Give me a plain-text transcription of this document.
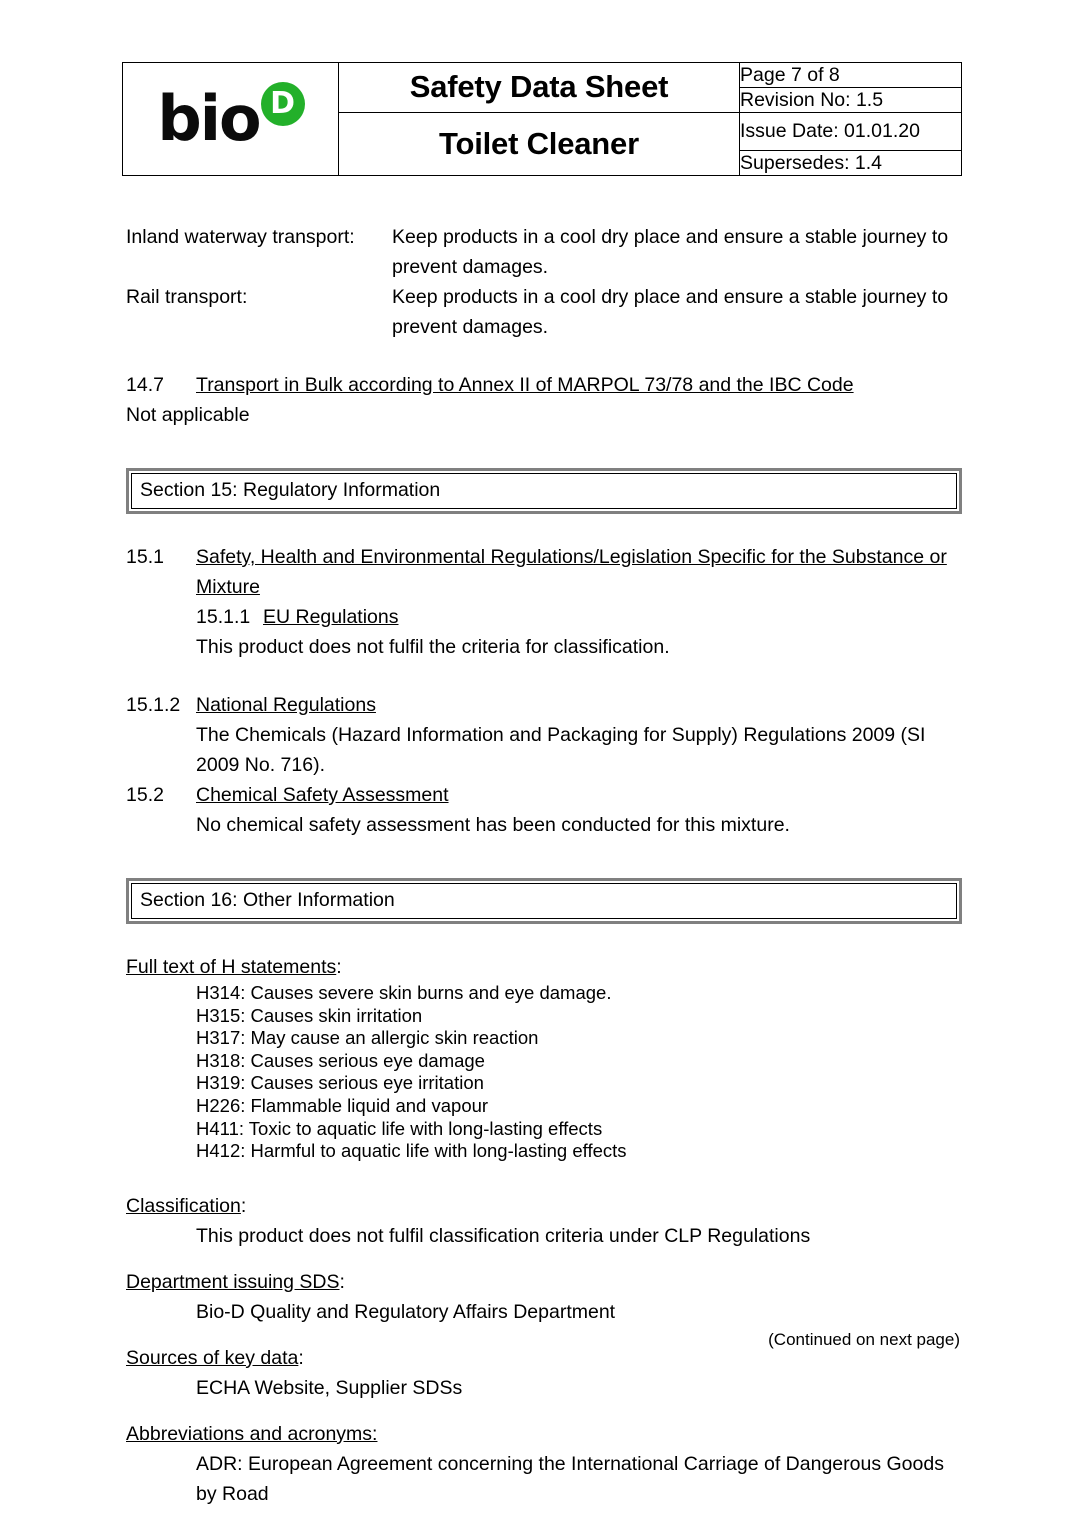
bio D	Safety Data Sheet	Page 7 of 8
		Revision No: 1.5

	Toilet Cleaner	Issue Date: 01.01.20
		Supersedes: 1.4
Inland waterway transport:	Keep products in a cool dry place and ensure a stable journey to prevent damages.
Rail transport:	Keep products in a cool dry place and ensure a stable journey to prevent damages.
14.7	Transport in Bulk according to Annex II of MARPOL 73/78 and the IBC Code
Not applicable
Section 15: Regulatory Information
15.1	Safety, Health and Environmental Regulations/Legislation Specific for the Substance or Mixture
15.1.1 EU Regulations
This product does not fulfil the criteria for classification.
15.1.2 National Regulations
The Chemicals (Hazard Information and Packaging for Supply) Regulations 2009 (SI 2009 No. 716).
15.2	Chemical Safety Assessment
No chemical safety assessment has been conducted for this mixture.
Section 16: Other Information
Full text of H statements:
H314: Causes severe skin burns and eye damage.
H315: Causes skin irritation
H317: May cause an allergic skin reaction
H318: Causes serious eye damage
H319: Causes serious eye irritation
H226: Flammable liquid and vapour
H411: Toxic to aquatic life with long-lasting effects
H412: Harmful to aquatic life with long-lasting effects
Classification:
This product does not fulfil classification criteria under CLP Regulations
Department issuing SDS:
Bio-D Quality and Regulatory Affairs Department
Sources of key data:
ECHA Website, Supplier SDSs
Abbreviations and acronyms:
ADR: European Agreement concerning the International Carriage of Dangerous Goods by Road
(Continued on next page)
